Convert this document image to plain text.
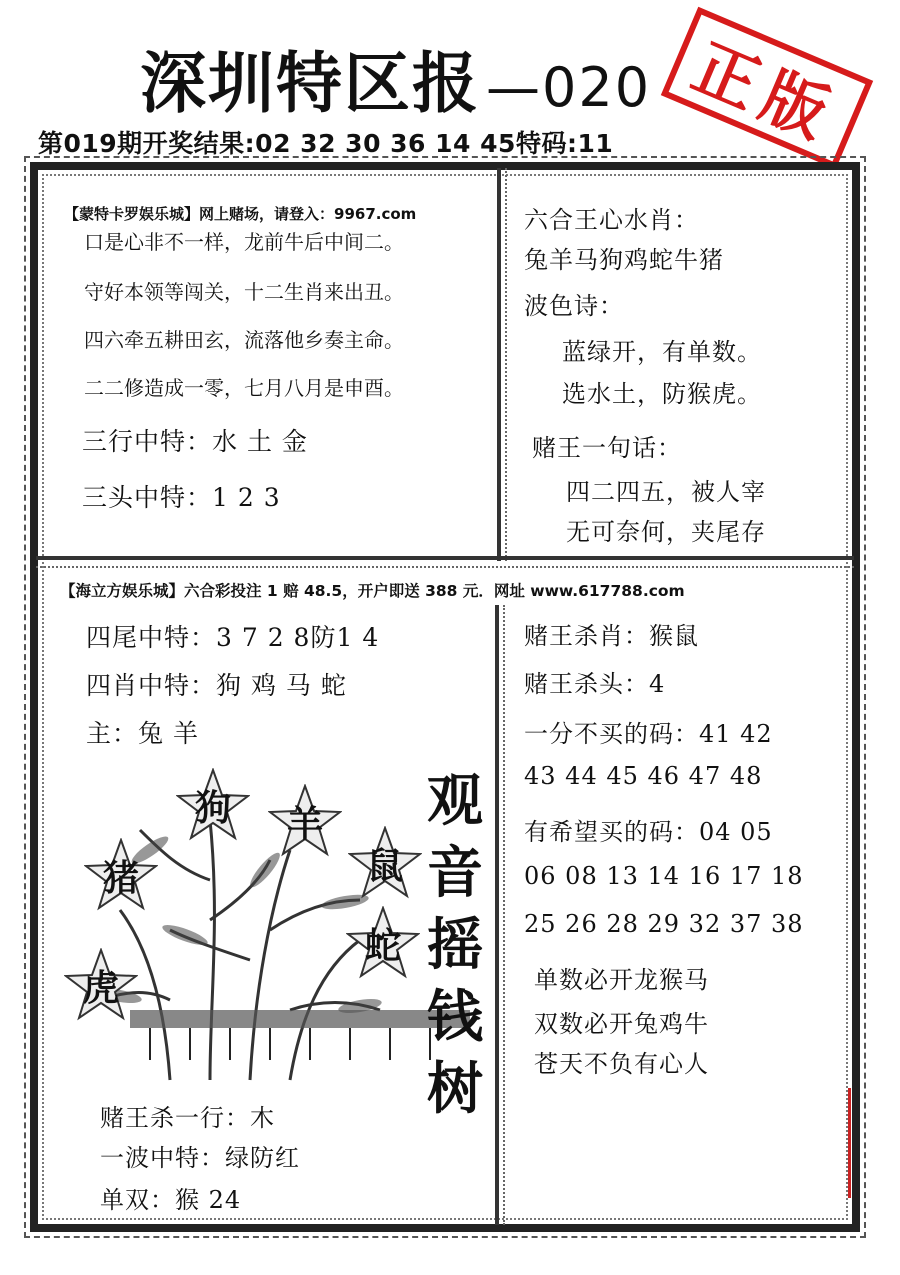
深圳特区报 —020 正版
第019期开奖结果:02 32 30 36 14 45特码:11
【蒙特卡罗娱乐城】网上赌场，请登入：9967.com
口是心非不一样，龙前牛后中间二。
守好本领等闯关，十二生肖来出丑。
四六牵五耕田玄，流落他乡奏主命。
二二修造成一零，七月八月是申酉。
三行中特：水 土 金
三头中特：1 2 3
六合王心水肖：
兔羊马狗鸡蛇牛猪
波色诗：
蓝绿开，有单数。
选水土，防猴虎。
赌王一句话：
四二四五，被人宰
无可奈何，夹尾存
【海立方娱乐城】六合彩投注 1 赔 48.5，开户即送 388 元．网址 www.617788.com
四尾中特：3 7 2 8防1 4
四肖中特：狗 鸡 马 蛇
主：兔 羊
狗	羊
猪	鼠
蛇
虎
观
音
摇
钱
树
赌王杀一行：木
一波中特：绿防红
单双：猴 24
赌王杀肖：猴鼠
赌王杀头：4
一分不买的码：41 42
43 44 45 46 47 48
有希望买的码：04 05
06 08 13 14 16 17 18
25 26 28 29 32 37 38
单数必开龙猴马
双数必开兔鸡牛
苍天不负有心人
